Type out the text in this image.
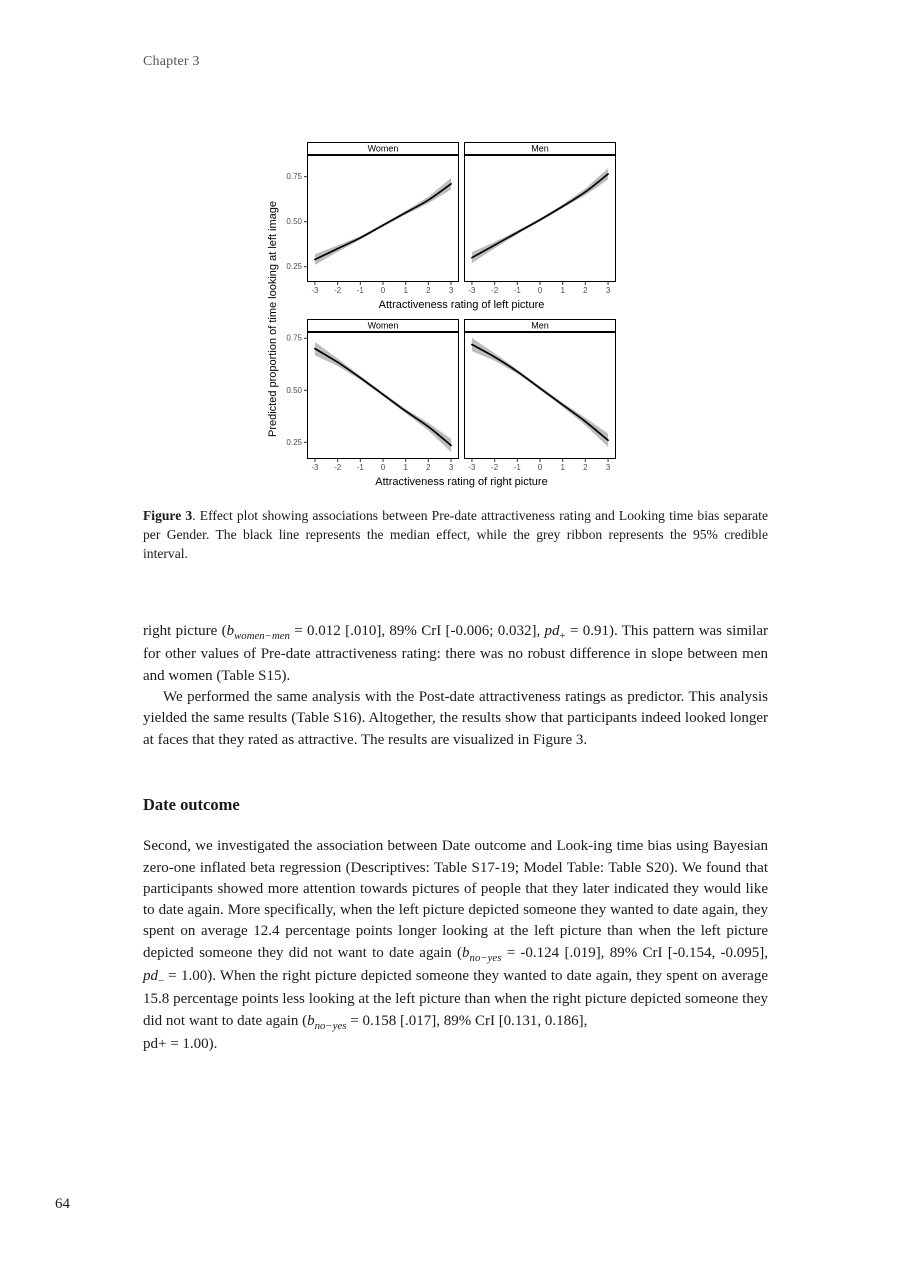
Chapter 3
Predicted proportion of time looking at left image
Women
-3 -2 -1 0 1 2 3
0.25
0.50
0.75
Men
-3 -2 -1 0 1 2 3
Attractiveness rating of left picture
Women
-3 -2 -1 0 1 2 3
0.25
0.50
0.75
Men
-3 -2 -1 0 1 2 3
Attractiveness rating of right picture
Figure 3. Effect plot showing associations between Pre-date attractiveness rating and Looking time bias separate per Gender. The black line represents the median effect, while the grey ribbon represents the 95% credible interval.

right picture ($b_{women-men} = 0.012$ [.010], 89% CrI [-0.006; 0.032], $pd_+ = 0.91$). This pattern was similar for other values of Pre-date attractiveness rating: there was no robust difference in slope between men and women (Table S15).

We performed the same analysis with the Post-date attractiveness ratings as predictor. This analysis yielded the same results (Table S16). Altogether, the results show that participants indeed looked longer at faces that they rated as attractive. The results are visualized in Figure 3.

Date outcome

Second, we investigated the association between Date outcome and Look-ing time bias using Bayesian zero-one inflated beta regression (Descriptives: Table S17-19; Model Table: Table S20). We found that participants showed more attention towards pictures of people that they later indicated they would like to date again. More specifically, when the left picture depicted someone they wanted to date again, they spent on average 12.4 percentage points longer looking at the left picture than when the left picture depicted someone they did not want to date again ($b_{no-yes} = -0.124$ [.019], 89% CrI [-0.154, -0.095], $pd_- = 1.00$). When the right picture depicted someone they wanted to date again, they spent on average 15.8 percentage points less looking at the left picture than when the right picture depicted someone they did not want to date again ($b_{no-yes} = 0.158$ [.017], 89% CrI [0.131, 0.186],

pd+ = 1.00).

64
